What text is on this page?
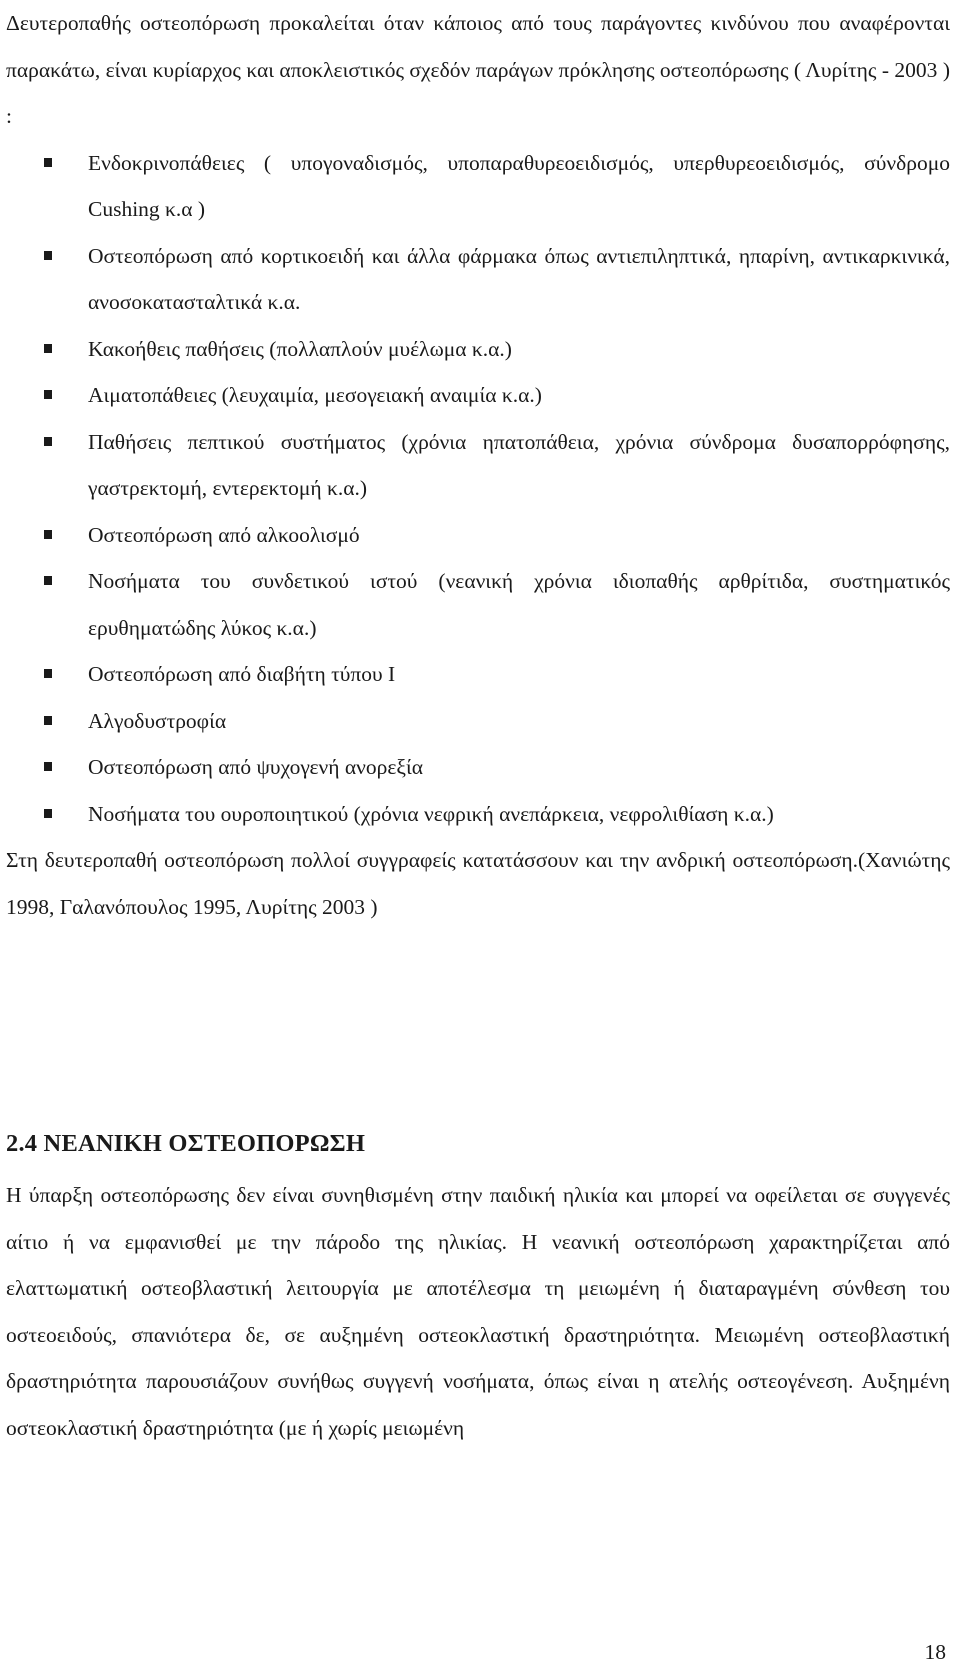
Δευτεροπαθής οστεοπόρωση προκαλείται όταν κάποιος από τους παράγοντες κινδύνου που αναφέρονται παρακάτω, είναι κυρίαρχος και αποκλειστικός σχεδόν παράγων πρόκλησης οστεοπόρωσης ( Λυρίτης - 2003 ) :

Ενδοκρινοπάθειες ( υπογοναδισμός, υποπαραθυρεοειδισμός, υπερθυρεοειδισμός, σύνδρομο Cushing κ.α )
Οστεοπόρωση από κορτικοειδή και άλλα φάρμακα όπως αντιεπιληπτικά, ηπαρίνη, αντικαρκινικά, ανοσοκατασταλτικά κ.α.
Κακοήθεις παθήσεις (πολλαπλούν μυέλωμα κ.α.)
Αιματοπάθειες (λευχαιμία, μεσογειακή αναιμία κ.α.)
Παθήσεις πεπτικού συστήματος (χρόνια ηπατοπάθεια, χρόνια σύνδρομα δυσαπορρόφησης, γαστρεκτομή, εντερεκτομή κ.α.)
Οστεοπόρωση από αλκοολισμό
Νοσήματα του συνδετικού ιστού (νεανική χρόνια ιδιοπαθής αρθρίτιδα, συστηματικός ερυθηματώδης λύκος κ.α.)
Οστεοπόρωση από διαβήτη τύπου Ι
Αλγοδυστροφία
Οστεοπόρωση από ψυχογενή ανορεξία
Νοσήματα του ουροποιητικού (χρόνια νεφρική ανεπάρκεια, νεφρολιθίαση κ.α.)

Στη δευτεροπαθή οστεοπόρωση πολλοί συγγραφείς κατατάσσουν και την ανδρική οστεοπόρωση.(Χανιώτης 1998, Γαλανόπουλος 1995, Λυρίτης 2003 )

2.4 ΝΕΑΝΙΚΗ ΟΣΤΕΟΠΟΡΩΣΗ

Η ύπαρξη οστεοπόρωσης δεν είναι συνηθισμένη στην παιδική ηλικία και μπορεί να οφείλεται σε συγγενές αίτιο ή να εμφανισθεί με την πάροδο της ηλικίας. Η νεανική οστεοπόρωση χαρακτηρίζεται από ελαττωματική οστεοβλαστική λειτουργία με αποτέλεσμα τη μειωμένη ή διαταραγμένη σύνθεση του οστεοειδούς, σπανιότερα δε, σε αυξημένη οστεοκλαστική δραστηριότητα. Μειωμένη οστεοβλαστική δραστηριότητα παρουσιάζουν συνήθως συγγενή νοσήματα, όπως είναι η ατελής οστεογένεση. Αυξημένη οστεοκλαστική δραστηριότητα (με ή χωρίς μειωμένη

18
